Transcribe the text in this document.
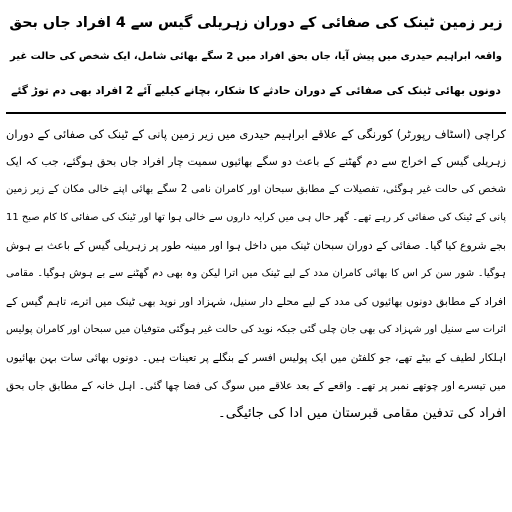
زیر زمین ٹینک کی صفائی کے دوران زہریلی گیس سے 4 افراد جاں بحق
واقعہ ابراہیم حیدری میں پیش آیا، جاں بحق افراد میں 2 سگے بھائی شامل، ایک شخص کی حالت غیر
دونوں بھائی ٹینک کی صفائی کے دوران حادثے کا شکار، بچانے کیلیے آئے 2 افراد بھی دم توڑ گئے
کراچی (اسٹاف رپورٹر) کورنگی کے علاقے ابراہیم حیدری میں زیر زمین پانی کے ٹینک کی صفائی کے دوران
زہریلی گیس کے اخراج سے دم گھٹنے کے باعث دو سگے بھائیوں سمیت چار افراد جاں بحق ہوگئے، جب کہ ایک
شخص کی حالت غیر ہوگئی، تفصیلات کے مطابق سبحان اور کامران نامی 2 سگے بھائی اپنے خالی مکان کے زیر زمین
پانی کے ٹینک کی صفائی کر رہے تھے۔ گھر حال ہی میں کرایہ داروں سے خالی ہوا تھا اور ٹینک کی صفائی کا کام صبح 11
بجے شروع کیا گیا۔ صفائی کے دوران سبحان ٹینک میں داخل ہوا اور مبینہ طور پر زہریلی گیس کے باعث بے ہوش
ہوگیا۔ شور سن کر اس کا بھائی کامران مدد کے لیے ٹینک میں اترا لیکن وہ بھی دم گھٹنے سے بے ہوش ہوگیا۔ مقامی
افراد کے مطابق دونوں بھائیوں کی مدد کے لیے محلے دار سنیل، شہزاد اور نوید بھی ٹینک میں اترے، تاہم گیس کے
اثرات سے سنیل اور شہزاد کی بھی جان چلی گئی جبکہ نوید کی حالت غیر ہوگئی متوفیان میں سبحان اور کامران پولیس
اہلکار لطیف کے بیٹے تھے، جو کلفٹن میں ایک پولیس افسر کے بنگلے پر تعینات ہیں۔ دونوں بھائی سات بہن بھائیوں
میں تیسرے اور چوتھے نمبر پر تھے۔ واقعے کے بعد علاقے میں سوگ کی فضا چھا گئی۔ اہل خانہ کے مطابق جاں بحق
افراد کی تدفین مقامی قبرستان میں ادا کی جائیگی۔
